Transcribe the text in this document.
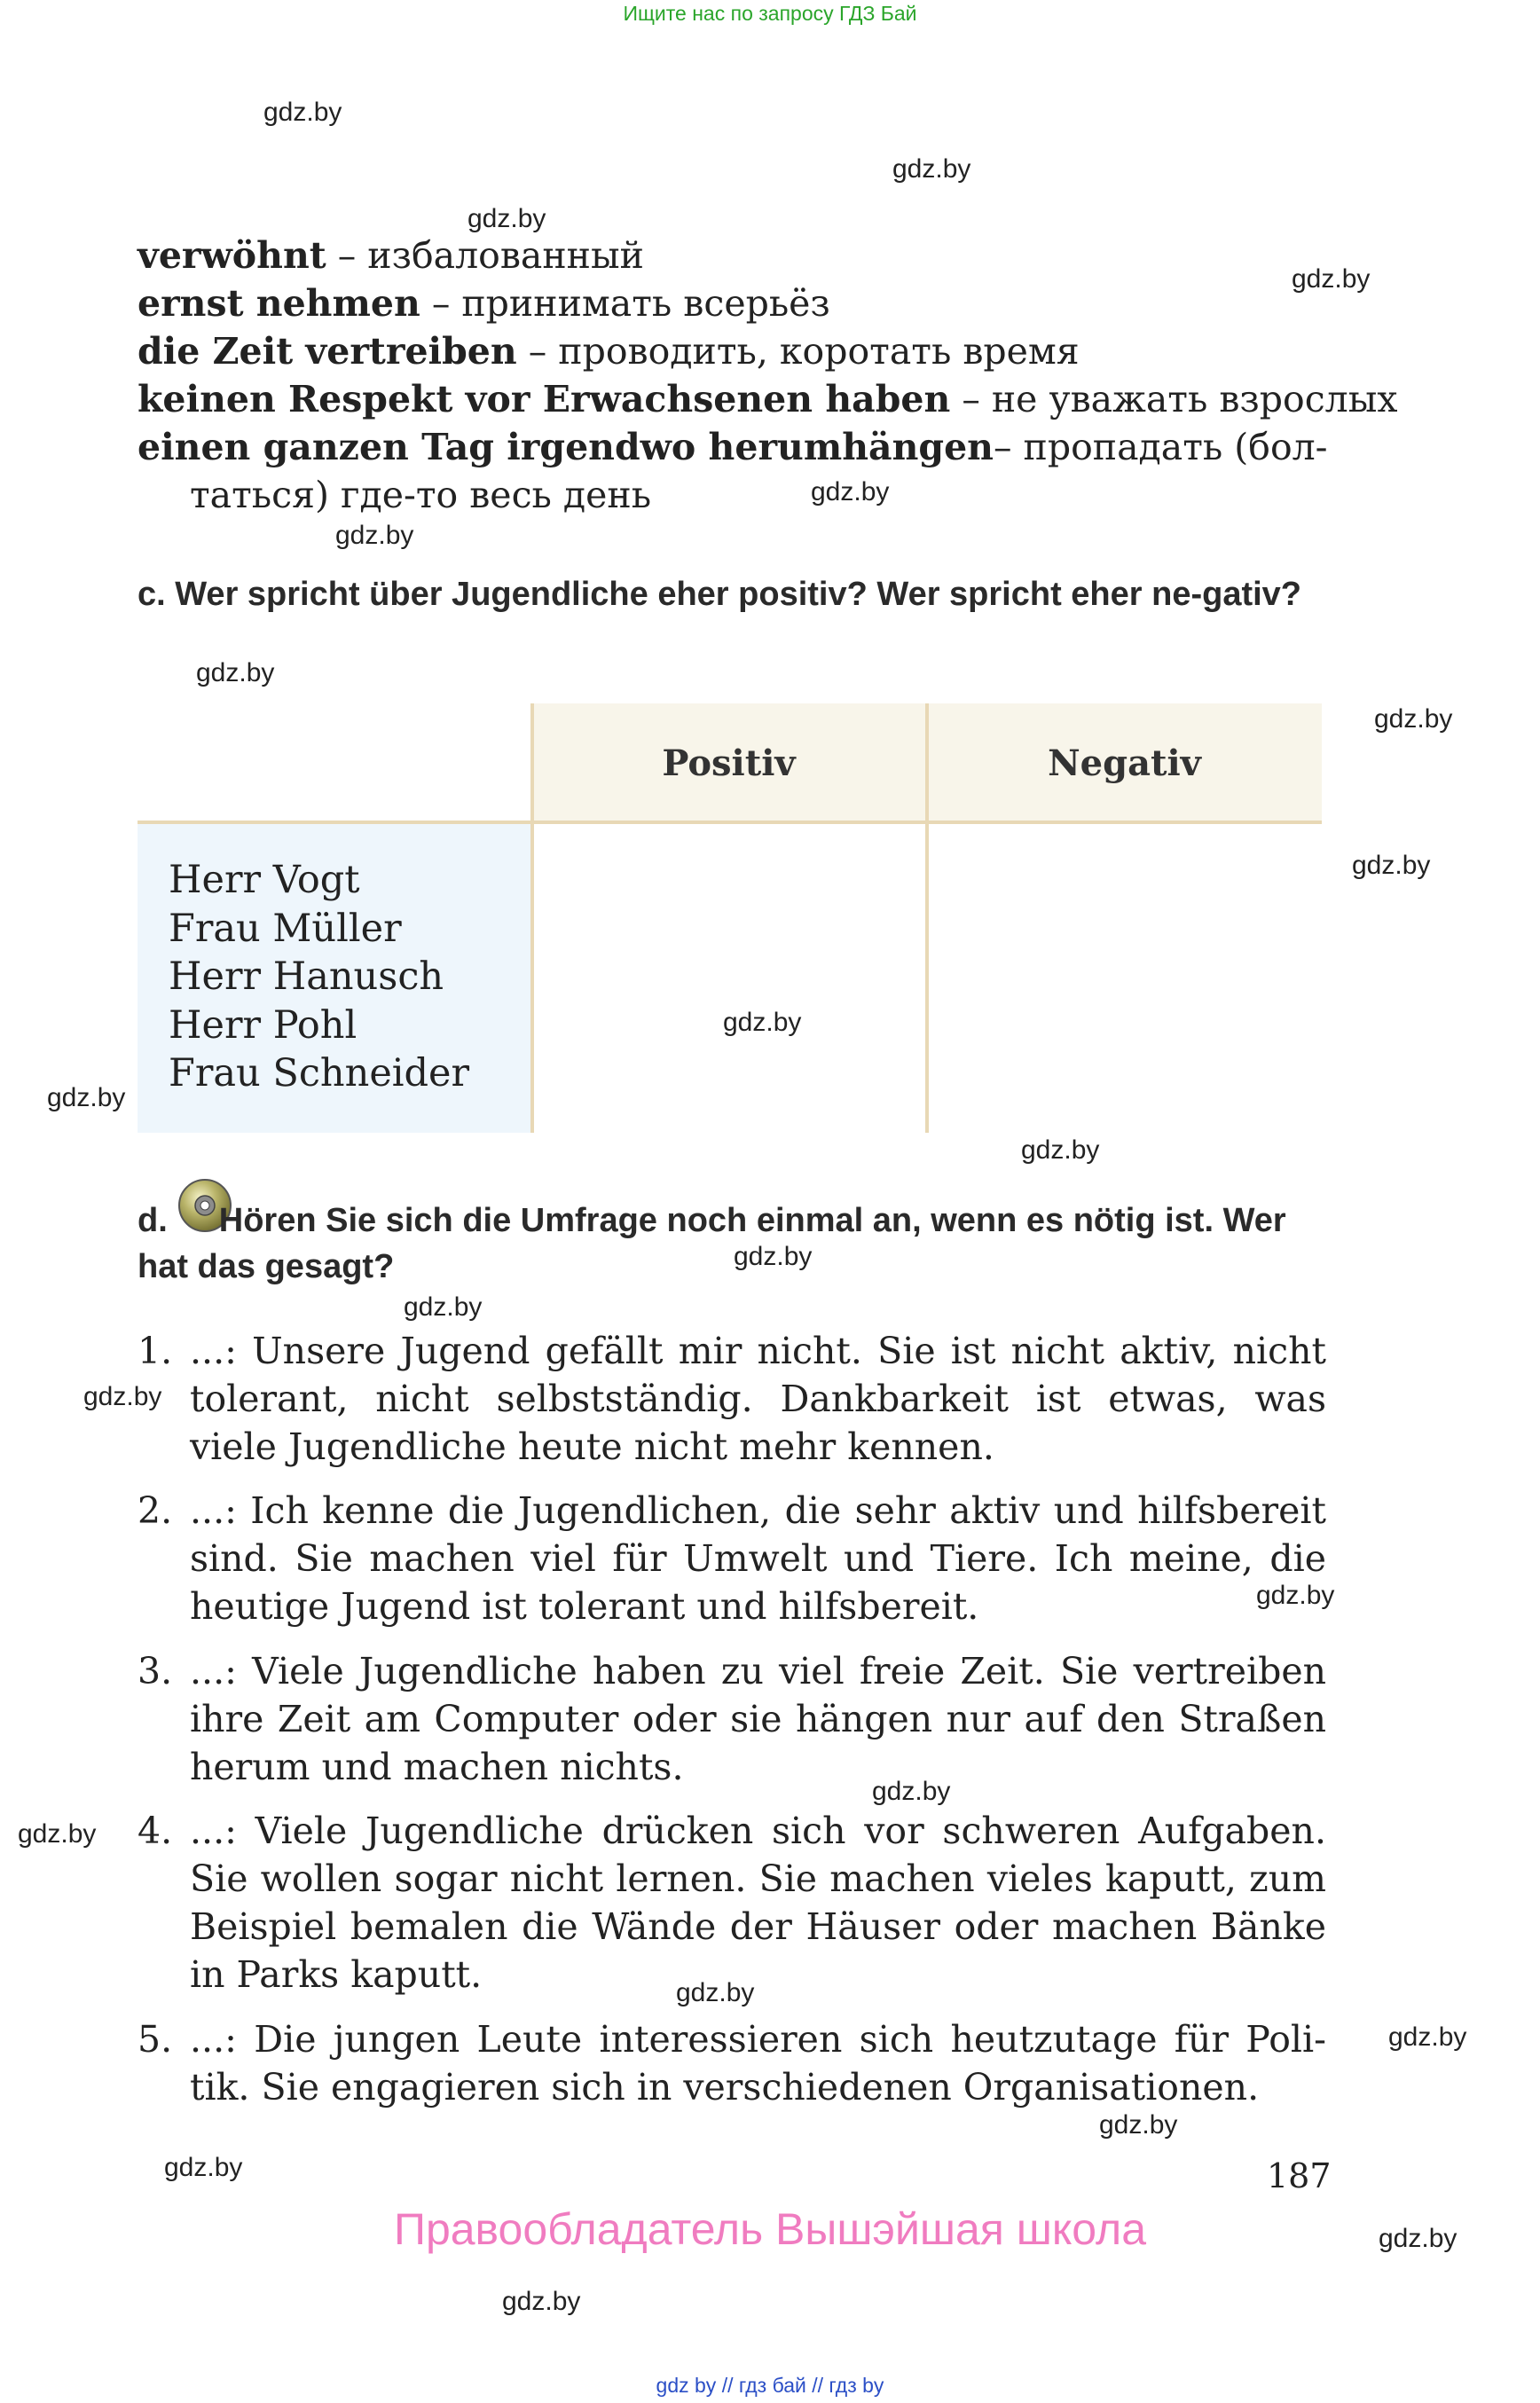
Ищите нас по запросу ГДЗ Бай
gdz.by
gdz.by
gdz.by
gdz.by
gdz.by
gdz.by
gdz.by
gdz.by
gdz.by
gdz.by
gdz.by
gdz.by
gdz.by
gdz.by
gdz.by
gdz.by
gdz.by
gdz.by
gdz.by
gdz.by
gdz.by
gdz.by
gdz.by
gdz.by
verwöhnt – избалованный
ernst nehmen – принимать всерьёз
die Zeit vertreiben – проводить, коротать время
keinen Respekt vor Erwachsenen haben – не уважать взрослых
einen ganzen Tag irgendwo herumhängen – пропадать (бол-
таться) где-то весь день
c. Wer spricht über Jugendliche eher positiv? Wer spricht eher ne-gativ?
Positiv	Negativ
Herr Vogt
Frau Müller
Herr Hanusch
Herr Pohl
Frau Schneider
d. Hören Sie sich die Umfrage noch einmal an, wenn es nötig ist. Wer hat das gesagt?
1. ...: Unsere Jugend gefällt mir nicht. Sie ist nicht aktiv, nicht tolerant, nicht selbstständig. Dankbarkeit ist etwas, was viele Jugendliche heute nicht mehr kennen.
2. ...: Ich kenne die Jugendlichen, die sehr aktiv und hilfsbereit sind. Sie machen viel für Umwelt und Tiere. Ich meine, die heutige Jugend ist tolerant und hilfsbereit.
3. ...: Viele Jugendliche haben zu viel freie Zeit. Sie vertreiben ihre Zeit am Computer oder sie hängen nur auf den Straßen herum und machen nichts.
4. ...: Viele Jugendliche drücken sich vor schweren Aufgaben. Sie wollen sogar nicht lernen. Sie machen vieles kaputt, zum Beispiel bemalen die Wände der Häuser oder machen Bänke in Parks kaputt.
5. ...: Die jungen Leute interessieren sich heutzutage für Poli-tik. Sie engagieren sich in verschiedenen Organisationen.
187
Правообладатель Вышэйшая школа
gdz by // гдз бай // гдз by
